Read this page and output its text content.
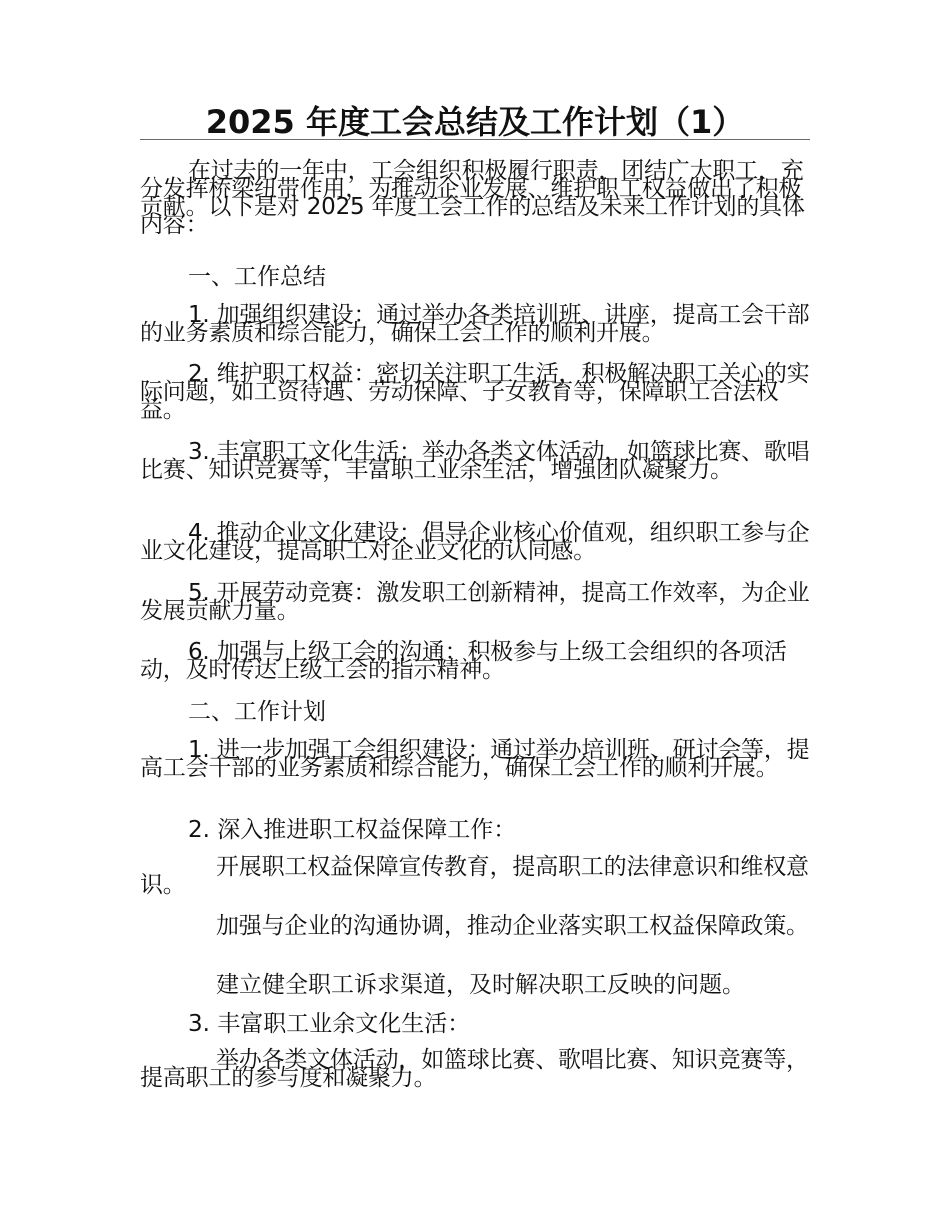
2025 年度工会总结及工作计划（1）

在过去的一年中，工会组织积极履行职责，团结广大职工，充分发挥桥梁纽带作用，为推动企业发展、维护职工权益做出了积极贡献。以下是对 2025 年度工会工作的总结及未来工作计划的具体内容：

一、工作总结

1. 加强组织建设：通过举办各类培训班、讲座，提高工会干部的业务素质和综合能力，确保工会工作的顺利开展。

2. 维护职工权益：密切关注职工生活，积极解决职工关心的实际问题，如工资待遇、劳动保障、子女教育等，保障职工合法权益。

3. 丰富职工文化生活：举办各类文体活动，如篮球比赛、歌唱比赛、知识竞赛等，丰富职工业余生活，增强团队凝聚力。

4. 推动企业文化建设：倡导企业核心价值观，组织职工参与企业文化建设，提高职工对企业文化的认同感。

5. 开展劳动竞赛：激发职工创新精神，提高工作效率，为企业发展贡献力量。

6. 加强与上级工会的沟通：积极参与上级工会组织的各项活动，及时传达上级工会的指示精神。

二、工作计划

1. 进一步加强工会组织建设：通过举办培训班、研讨会等，提高工会干部的业务素质和综合能力，确保工会工作的顺利开展。

2. 深入推进职工权益保障工作：

开展职工权益保障宣传教育，提高职工的法律意识和维权意识。

加强与企业的沟通协调，推动企业落实职工权益保障政策。

建立健全职工诉求渠道，及时解决职工反映的问题。

3. 丰富职工业余文化生活：

举办各类文体活动，如篮球比赛、歌唱比赛、知识竞赛等，提高职工的参与度和凝聚力。
